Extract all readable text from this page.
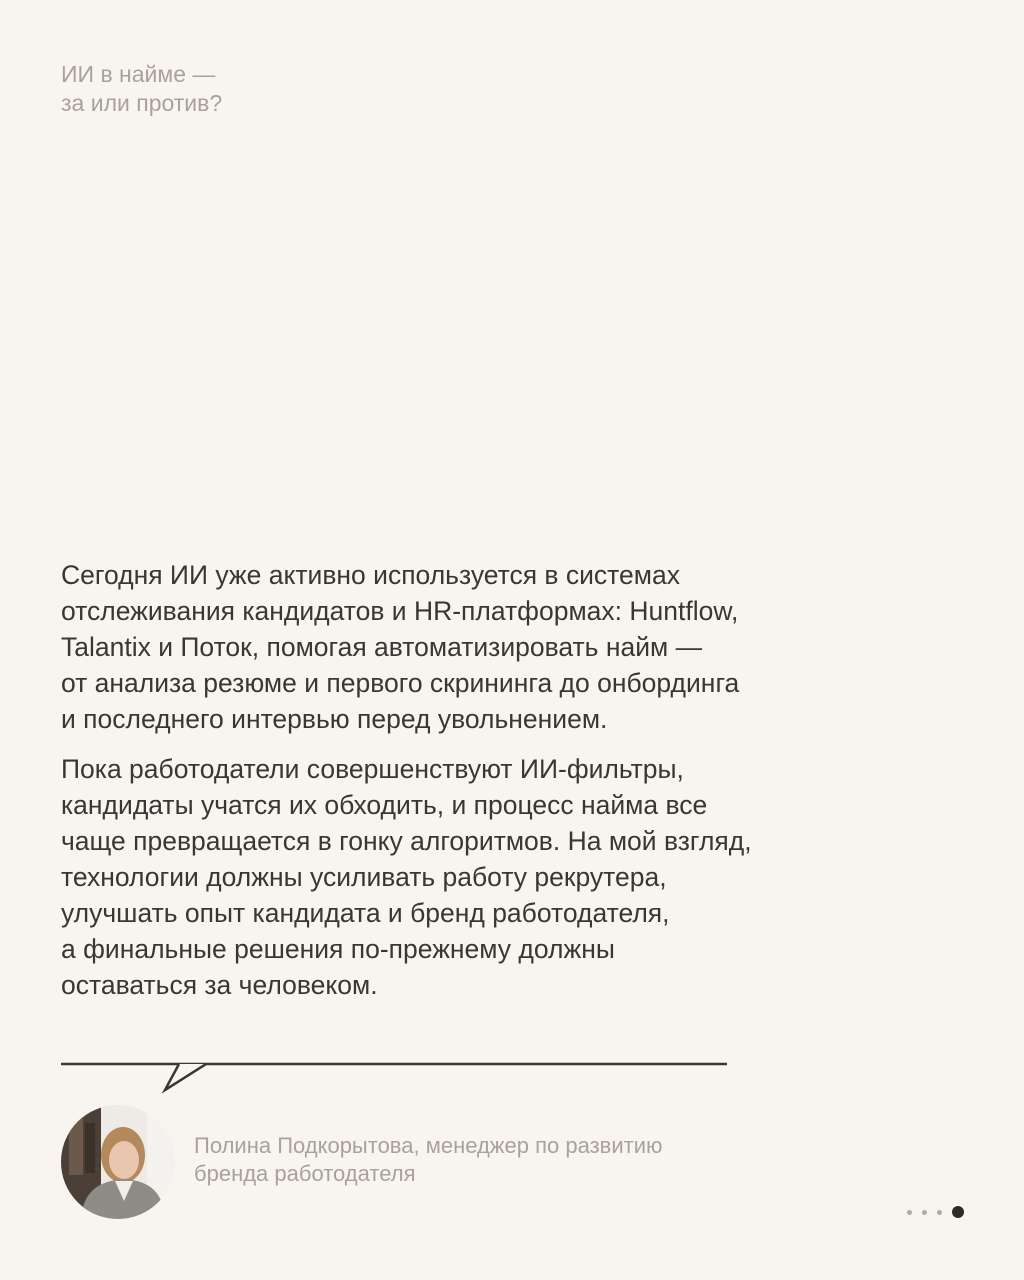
ИИ в найме —
за или против?

Сегодня ИИ уже активно используется в системах
отслеживания кандидатов и HR-платформах: Huntflow,
Talantix и Поток, помогая автоматизировать найм —
от анализа резюме и первого скрининга до онбординга
и последнего интервью перед увольнением.

Пока работодатели совершенствуют ИИ-фильтры,
кандидаты учатся их обходить, и процесс найма все
чаще превращается в гонку алгоритмов. На мой взгляд,
технологии должны усиливать работу рекрутера,
улучшать опыт кандидата и бренд работодателя,
а финальные решения по-прежнему должны
оставаться за человеком.

Полина Подкорытова, менеджер по развитию
бренда работодателя
